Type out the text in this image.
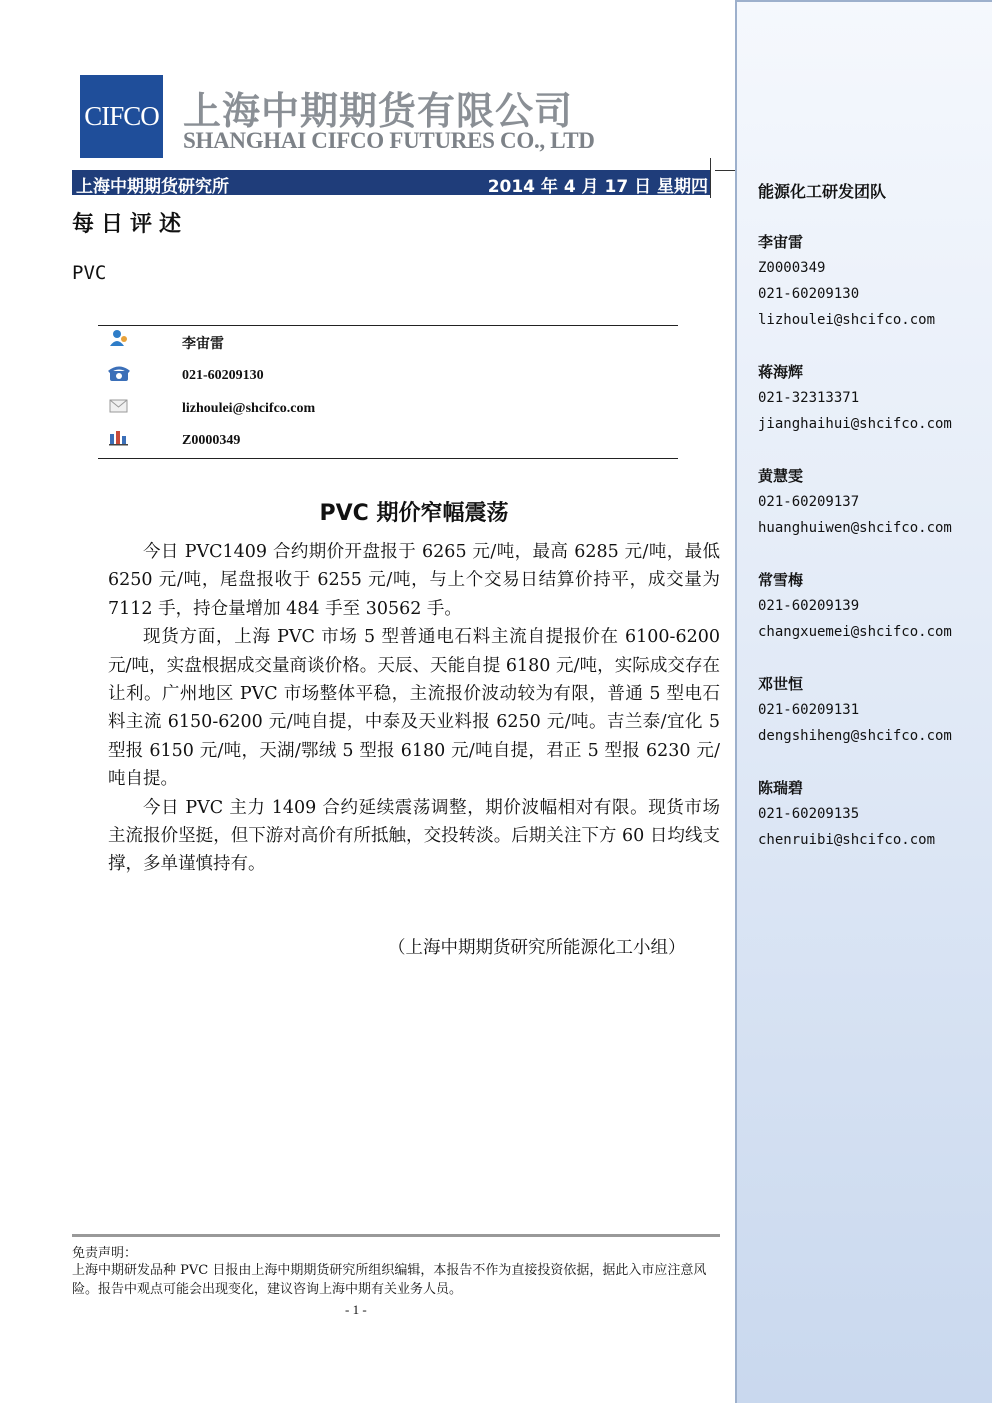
CIFCO 上海中期期货有限公司
SHANGHAI CIFCO FUTURES CO., LTD
上海中期期货研究所	2014 年 4 月 17 日 星期四
每日评述
PVC
李宙雷
021-60209130
lizhoulei@shcifco.com
Z0000349
PVC 期价窄幅震荡

今日 PVC1409 合约期价开盘报于 6265 元/吨，最高 6285 元/吨，最低 6250 元/吨，尾盘报收于 6255 元/吨，与上个交易日结算价持平，成交量为 7112 手，持仓量增加 484 手至 30562 手。

现货方面，上海 PVC 市场 5 型普通电石料主流自提报价在 6100-6200 元/吨，实盘根据成交量商谈价格。天辰、天能自提 6180 元/吨，实际成交存在让利。广州地区 PVC 市场整体平稳，主流报价波动较为有限，普通 5 型电石料主流 6150-6200 元/吨自提，中泰及天业料报 6250 元/吨。吉兰泰/宜化 5 型报 6150 元/吨，天湖/鄂绒 5 型报 6180 元/吨自提，君正 5 型报 6230 元/吨自提。

今日 PVC 主力 1409 合约延续震荡调整，期价波幅相对有限。现货市场主流报价坚挺，但下游对高价有所抵触，交投转淡。后期关注下方 60 日均线支撑，多单谨慎持有。

（上海中期期货研究所能源化工小组）
免责声明：
上海中期研发品种 PVC 日报由上海中期期货研究所组织编辑，本报告不作为直接投资依据，据此入市应注意风险。报告中观点可能会出现变化，建议咨询上海中期有关业务人员。
- 1 -
能源化工研发团队
李宙雷
Z0000349
021-60209130
lizhoulei@shcifco.com
蒋海辉
021-32313371
jianghaihui@shcifco.com
黄慧雯
021-60209137
huanghuiwen@shcifco.com
常雪梅
021-60209139
changxuemei@shcifco.com
邓世恒
021-60209131
dengshiheng@shcifco.com
陈瑞碧
021-60209135
chenruibi@shcifco.com
